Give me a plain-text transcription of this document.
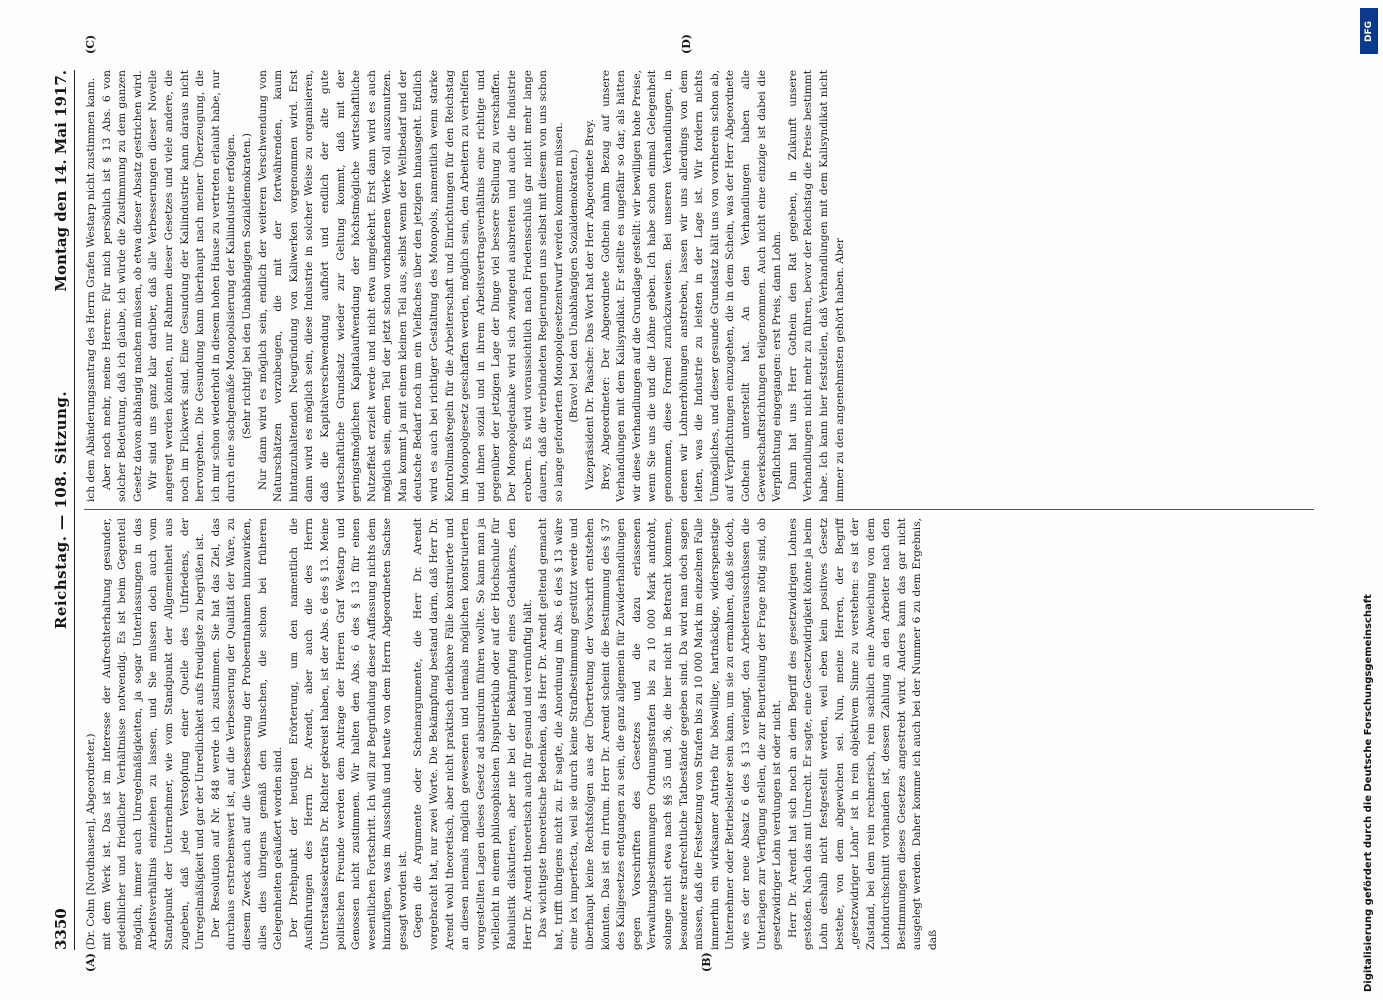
3350
Reichstag. — 108. Sitzung.
Montag den 14. Mai 1917.
(A)	(B)
(C)	(D)

(Dr. Cohn [Nordhausen], Abgeordneter.) mit dem Werk ist. Das ist im Interesse der Aufrechterhaltung gesunder, gedeihlicher und friedlicher Verhältnisse notwendig. Es ist beim Gegenteil möglich, immer auch Unregelmäßigkeiten, ja sogar Unterlassungen in das Arbeitsverhältnis einziehen zu lassen, und Sie müssen doch auch vom Standpunkt der Unternehmer, wie vom Standpunkt der Allgemeinheit aus zugeben, daß jede Verstopfung einer Quelle des Unfriedens, der Unregelmäßigkeit und gar der Unredlichkeit aufs freudigste zu begrüßen ist. Der Resolution auf Nr. 848 werde ich zustimmen. Sie hat das Ziel, das durchaus erstrebenswert ist, auf die Verbesserung der Qualität der Ware, zu diesem Zweck auch auf die Verbesserung der Probeentnahmen hinzuwirken, alles dies übrigens gemäß den Wünschen, die schon bei früheren Gelegenheiten geäußert worden sind. Der Drehpunkt der heutigen Erörterung, um den namentlich die Ausführungen des Herrn Dr. Arendt, aber auch die des Herrn Unterstaatssekretärs Dr. Richter gekreist haben, ist der Abs. 6 des § 13. Meine politischen Freunde werden dem Antrage der Herren Graf Westarp und Genossen nicht zustimmen. Wir halten den Abs. 6 des § 13 für einen wesentlichen Fortschritt. Ich will zur Begründung dieser Auffassung nichts dem hinzufügen, was im Ausschuß und heute von dem Herrn Abgeordneten Sachse gesagt worden ist. Gegen die Argumente oder Scheinargumente, die Herr Dr. Arendt vorgebracht hat, nur zwei Worte. Die Bekämpfung bestand darin, daß Herr Dr. Arendt wohl theoretisch, aber nicht praktisch denkbare Fälle konstruierte und an diesen niemals möglich gewesenen und niemals möglichen konstruierten vorgestellten Lagen dieses Gesetz ad absurdum führen wollte. So kann man ja vielleicht in einem philosophischen Disputierklub oder auf der Hochschule für Rabulistik diskutieren, aber nie bei der Bekämpfung eines Gedankens, den Herr Dr. Arendt theoretisch auch für gesund und vernünftig hält. Das wichtigste theoretische Bedenken, das Herr Dr. Arendt geltend gemacht hat, trifft übrigens nicht zu. Er sagte, die Anordnung im Abs. 6 des § 13 wäre eine lex imperfecta, weil sie durch keine Strafbestimmung gestützt werde und überhaupt keine Rechtsfolgen aus der Übertretung der Vorschrift entstehen könnten. Das ist ein Irrtum. Herr Dr. Arendt scheint die Bestimmung des § 37 des Kaligesetzes entgangen zu sein, die ganz allgemein für Zuwiderhandlungen gegen Vorschriften des Gesetzes und die dazu erlassenen Verwaltungsbestimmungen Ordnungsstrafen bis zu 10 000 Mark androht, solange nicht etwa nach §§ 35 und 36, die hier nicht in Betracht kommen, besondere strafrechtliche Tatbestände gegeben sind. Da wird man doch sagen müssen, daß die Festsetzung von Strafen bis zu 10 000 Mark im einzelnen Falle immerhin ein wirksamer Antrieb für böswillige, hartnäckige, widerspenstige Unternehmer oder Betriebsleiter sein kann, um sie zu ermahnen, daß sie doch, wie es der neue Absatz 6 des § 13 verlangt, den Arbeiterausschüssen die Unterlagen zur Verfügung stellen, die zur Beurteilung der Frage nötig sind, ob gesetzwidriger Lohn verdungen ist oder nicht. Herr Dr. Arendt hat sich noch an dem Begriff des gesetzwidrigen Lohnes gestoßen. Nach das mit Unrecht. Er sagte, eine Gesetzwidrigkeit könne ja beim Lohn deshalb nicht festgestellt werden, weil eben kein positives Gesetz bestehe, von dem abgewichen sei. Nun, meine Herren, der Begriff „gesetzwidriger Lohn“ ist in rein objektivem Sinne zu verstehen: es ist der Zustand, bei dem rein rechnerisch, rein sachlich eine Abweichung von dem Lohndurchschnitt vorhanden ist, dessen Zahlung an den Arbeiter nach den Bestimmungen dieses Gesetzes angestrebt wird. Anders kann das gar nicht ausgelegt werden. Daher komme ich auch bei der Nummer 6 zu dem Ergebnis, daß

ich dem Abänderungsantrag des Herrn Grafen Westarp nicht zustimmen kann. Aber noch mehr, meine Herren: Für mich persönlich ist § 13 Abs. 6 von solcher Bedeutung, daß ich glaube, ich würde die Zustimmung zu dem ganzen Gesetz davon abhängig machen müssen, ob etwa dieser Absatz gestrichen wird. Wir sind uns ganz klar darüber, daß alle Verbesserungen dieser Novelle angeregt werden könnten, nur Rahmen dieser Gesetzes und viele andere, die noch im Flickwerk sind. Eine Gesundung der Kaliindustrie kann daraus nicht hervorgehen. Die Gesundung kann überhaupt nach meiner Überzeugung, die ich mir schon wiederholt in diesem hohen Hause zu vertreten erlaubt habe, nur durch eine sachgemäße Monopolisierung der Kaliindustrie erfolgen. (Sehr richtig! bei den Unabhängigen Sozialdemokraten.) Nur dann wird es möglich sein, endlich der weiteren Verschwendung von Naturschätzen vorzubeugen, die mit der fortwährenden, kaum hintanzuhaltenden Neugründung von Kaliwerken vorgenommen wird. Erst dann wird es möglich sein, diese Industrie in solcher Weise zu organisieren, daß die Kapitalverschwendung aufhört und endlich der alte gute wirtschaftliche Grundsatz wieder zur Geltung kommt, daß mit der geringstmöglichen Kapitalaufwendung der höchstmögliche wirtschaftliche Nutzeffekt erzielt werde und nicht etwa umgekehrt. Erst dann wird es auch möglich sein, einen Teil der jetzt schon vorhandenen Werke voll auszunutzen. Man kommt ja mit einem kleinen Teil aus, selbst wenn der Weltbedarf und der deutsche Bedarf noch um ein Vielfaches über den jetzigen hinausgeht. Endlich wird es auch bei richtiger Gestaltung des Monopols, namentlich wenn starke Kontrollmaßregeln für die Arbeiterschaft und Einrichtungen für den Reichstag im Monopolgesetz geschaffen werden, möglich sein, den Arbeitern zu verhelfen und ihnen sozial und in ihrem Arbeitsvertragsverhältnis eine richtige und gegenüber der jetzigen Lage der Dinge viel bessere Stellung zu verschaffen. Der Monopolgedanke wird sich zwingend ausbreiten und auch die Industrie erobern. Es wird voraussichtlich nach Friedensschluß gar nicht mehr lange dauern, daß die verbündeten Regierungen uns selbst mit diesem von uns schon so lange geforderten Monopolgesetzentwurf werden kommen müssen. (Bravo! bei den Unabhängigen Sozialdemokraten.) Vizepräsident Dr. Paasche: Das Wort hat der Herr Abgeordnete Brey. Brey, Abgeordneter: Der Abgeordnete Gothein nahm Bezug auf unsere Verhandlungen mit dem Kalisyndikat. Er stellte es ungefähr so dar, als hätten wir diese Verhandlungen auf die Grundlage gestellt: wir bewilligen hohe Preise, wenn Sie uns die und die Löhne geben. Ich habe schon einmal Gelegenheit genommen, diese Formel zurückzuweisen. Bei unseren Verhandlungen, in denen wir Lohnerhöhungen anstreben, lassen wir uns allerdings von dem leiten, was die Industrie zu leisten in der Lage ist. Wir fordern nichts Unmögliches, und dieser gesunde Grundsatz hält uns von vornherein schon ab, auf Verpflichtungen einzugehen, die in dem Schein, was der Herr Abgeordnete Gothein unterstellt hat. An den Verhandlungen haben alle Gewerkschaftsrichtungen teilgenommen. Auch nicht eine einzige ist dabei die Verpflichtung eingegangen: erst Preis, dann Lohn. Dann hat uns Herr Gothein den Rat gegeben, in Zukunft unsere Verhandlungen nicht mehr zu führen, bevor der Reichstag die Preise bestimmt habe. Ich kann hier feststellen, daß Verhandlungen mit dem Kalisyndikat nicht immer zu den angenehmsten gehört haben. Aber

DFG
Digitalisierung gefördert durch die Deutsche Forschungsgemeinschaft
